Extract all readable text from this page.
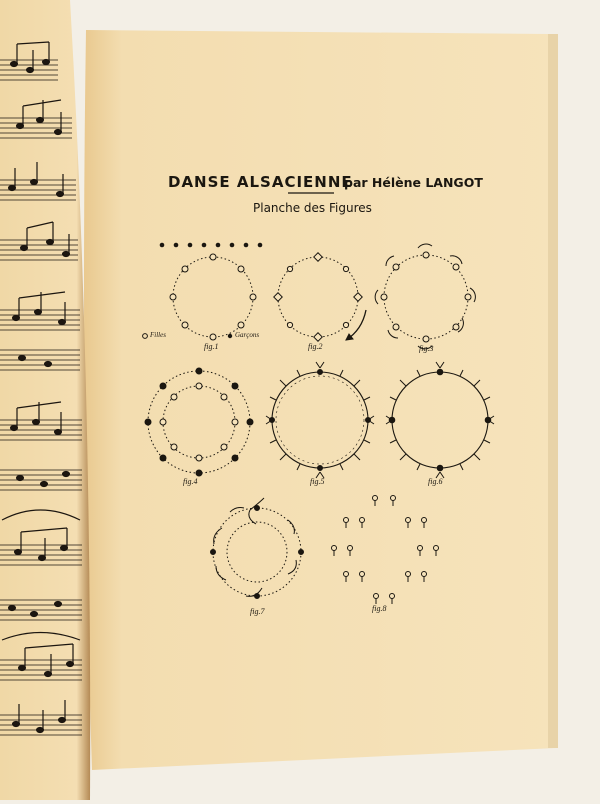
DANSE ALSACIENNE
par Hélène LANGOT
Planche des Figures
Filles	Garçons
fig.1	fig.2	fig.3
fig.4	fig.5	fig.6
fig.7	fig.8
